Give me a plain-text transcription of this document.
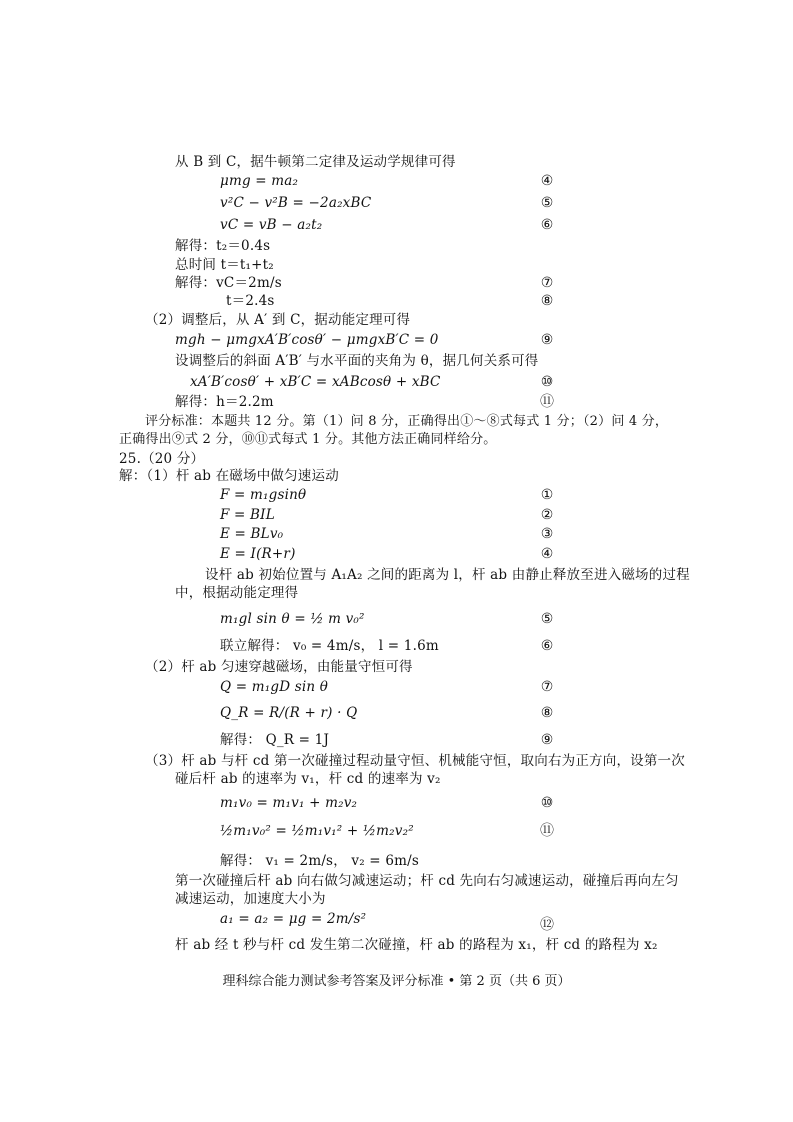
从 B 到 C，据牛顿第二定律及运动学规律可得
μmg = ma₂	④
v²C − v²B = −2a₂xBC	⑤
vC = vB − a₂t₂	⑥
解得：t₂＝0.4s
总时间 t＝t₁+t₂
解得：vC＝2m/s	⑦
t＝2.4s	⑧
（2）调整后，从 A′ 到 C，据动能定理可得
mgh − μmgxA′B′cosθ′ − μmgxB′C = 0	⑨
设调整后的斜面 A′B′ 与水平面的夹角为 θ，据几何关系可得
xA′B′cosθ′ + xB′C = xABcosθ + xBC	⑩
解得：h＝2.2m	⑪
评分标准：本题共 12 分。第（1）问 8 分，正确得出①～⑧式每式 1 分；（2）问 4 分，
正确得出⑨式 2 分，⑩⑪式每式 1 分。其他方法正确同样给分。
25.（20 分）
解：（1）杆 ab 在磁场中做匀速运动
F = m₁gsinθ	①
F = BIL	②
E = BLv₀	③
E = I(R+r)	④
设杆 ab 初始位置与 A₁A₂ 之间的距离为 l，杆 ab 由静止释放至进入磁场的过程
中，根据动能定理得
m₁gl sin θ = ½ m v₀²	⑤
联立解得： v₀ = 4m/s， l = 1.6m	⑥
（2）杆 ab 匀速穿越磁场，由能量守恒可得
Q = m₁gD sin θ	⑦
Q_R = R/(R + r) · Q	⑧
解得： Q_R = 1J	⑨
（3）杆 ab 与杆 cd 第一次碰撞过程动量守恒、机械能守恒，取向右为正方向，设第一次
碰后杆 ab 的速率为 v₁，杆 cd 的速率为 v₂
m₁v₀ = m₁v₁ + m₂v₂	⑩
½m₁v₀² = ½m₁v₁² + ½m₂v₂²	⑪
解得： v₁ = 2m/s， v₂ = 6m/s
第一次碰撞后杆 ab 向右做匀减速运动；杆 cd 先向右匀减速运动，碰撞后再向左匀
减速运动，加速度大小为
a₁ = a₂ = μg = 2m/s²	⑫
杆 ab 经 t 秒与杆 cd 发生第二次碰撞，杆 ab 的路程为 x₁，杆 cd 的路程为 x₂
理科综合能力测试参考答案及评分标准 • 第 2 页（共 6 页）
